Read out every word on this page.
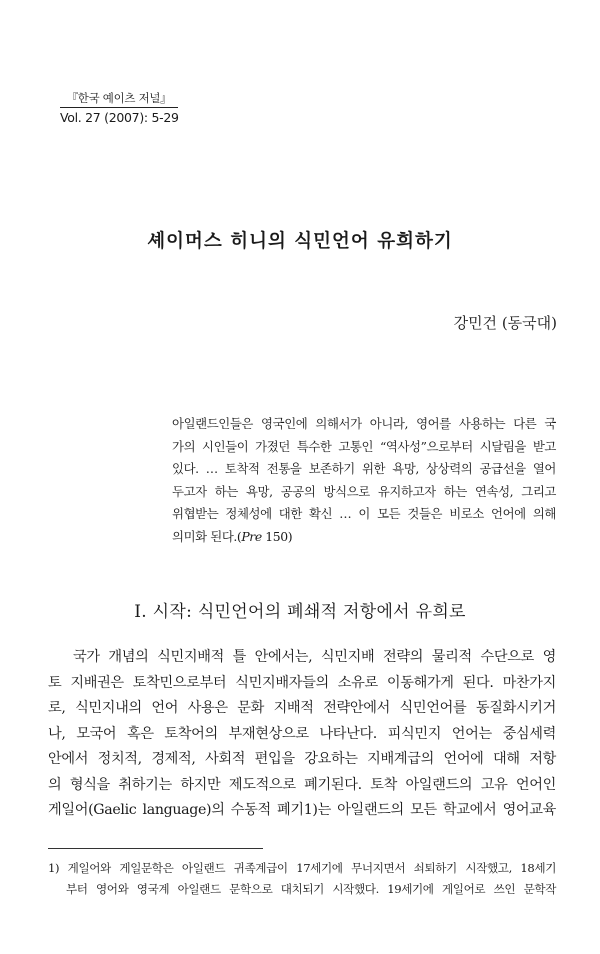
『한국 예이츠 저널』
Vol. 27 (2007): 5-29
셰이머스 히니의 식민언어 유희하기
강민건 (동국대)
아일랜드인들은 영국인에 의해서가 아니라, 영어를 사용하는 다른 국
가의 시인들이 가졌던 특수한 고통인 “역사성”으로부터 시달림을 받고
있다. … 토착적 전통을 보존하기 위한 욕망, 상상력의 공급선을 열어
두고자 하는 욕망, 공공의 방식으로 유지하고자 하는 연속성, 그리고
위협받는 정체성에 대한 확신 … 이 모든 것들은 비로소 언어에 의해
의미화 된다.(Pre 150)
I. 시작: 식민언어의 폐쇄적 저항에서 유희로
국가 개념의 식민지배적 틀 안에서는, 식민지배 전략의 물리적 수단으로 영
토 지배권은 토착민으로부터 식민지배자들의 소유로 이동해가게 된다. 마찬가지
로, 식민지내의 언어 사용은 문화 지배적 전략안에서 식민언어를 동질화시키거
나, 모국어 혹은 토착어의 부재현상으로 나타난다. 피식민지 언어는 중심세력
안에서 정치적, 경제적, 사회적 편입을 강요하는 지배계급의 언어에 대해 저항
의 형식을 취하기는 하지만 제도적으로 폐기된다. 토착 아일랜드의 고유 언어인
게일어(Gaelic language)의 수동적 폐기1)는 아일랜드의 모든 학교에서 영어교육
1) 게일어와 게일문학은 아일랜드 귀족계급이 17세기에 무너지면서 쇠퇴하기 시작했고, 18세기
부터 영어와 영국계 아일랜드 문학으로 대치되기 시작했다. 19세기에 게일어로 쓰인 문학작
